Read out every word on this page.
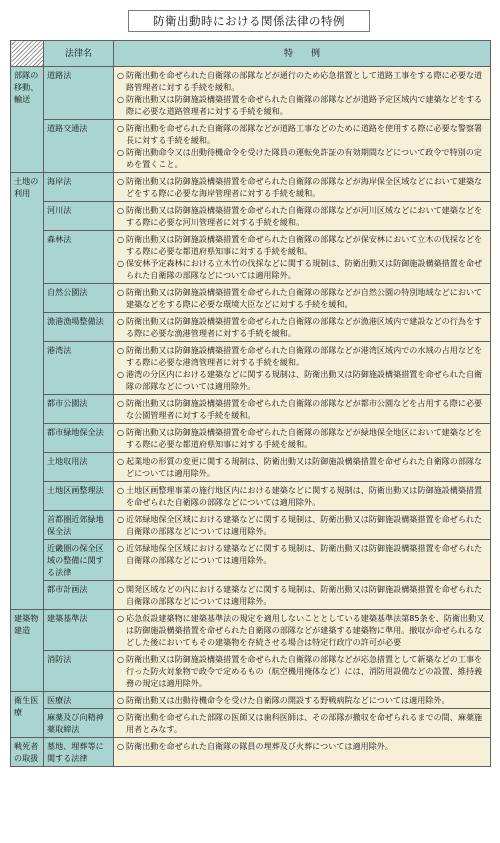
防衛出動時における関係法律の特例
	法律名	特　　例
部隊の移動、輸送	道路法	○ 防衛出動を命ぜられた自衛隊の部隊などが通行のため応急措置として道路工事をする際に必要な道路管理者に対する手続を緩和。
○ 防衛出動又は防御施設構築措置を命ぜられた自衛隊の部隊などが道路予定区域内で建築などをする際に必要な道路管理者に対する手続を緩和。

	道路交通法	○ 防衛出動を命ぜられた自衛隊の部隊などが道路工事などのために道路を使用する際に必要な警察署長に対する手続を緩和。
○ 防衛出動命令又は出動待機命令を受けた隊員の運転免許証の有効期間などについて政令で特別の定めを置くこと。

土地の利用	海岸法	○ 防衛出動又は防御施設構築措置を命ぜられた自衛隊の部隊などが海岸保全区域などにおいて建築などをする際に必要な海岸管理者に対する手続を緩和。

	河川法	○ 防衛出動又は防御施設構築措置を命ぜられた自衛隊の部隊などが河川区域などにおいて建築などをする際に必要な河川管理者に対する手続を緩和。

	森林法	○ 防衛出動又は防御施設構築措置を命ぜられた自衛隊の部隊などが保安林において立木の伐採などをする際に必要な都道府県知事に対する手続を緩和。
○ 保安林予定森林における立木竹の伐採などに関する規制は、防衛出動又は防御施設構築措置を命ぜられた自衛隊の部隊などについては適用除外。

	自然公園法	○ 防衛出動又は防御施設構築措置を命ぜられた自衛隊の部隊などが自然公園の特別地域などにおいて建築などをする際に必要な環境大臣などに対する手続を緩和。

	漁港漁場整備法	○ 防衛出動又は防御施設構築措置を命ぜられた自衛隊の部隊などが漁港区域内で建設などの行為をする際に必要な漁港管理者に対する手続を緩和。

	港湾法	○ 防衛出動又は防御施設構築措置を命ぜられた自衛隊の部隊などが港湾区域内での水域の占用などをする際に必要な港湾管理者に対する手続を緩和。
○ 港湾の分区内における建築などに関する規制は、防衛出動又は防御施設構築措置を命ぜられた自衛隊の部隊などについては適用除外。

	都市公園法	○ 防衛出動又は防御施設構築措置を命ぜられた自衛隊の部隊などが都市公園などを占用する際に必要な公園管理者に対する手続を緩和。

	都市緑地保全法	○ 防衛出動又は防御施設構築措置を命ぜられた自衛隊の部隊などが緑地保全地区において建築などをする際に必要な都道府県知事に対する手続を緩和。

	土地収用法	○ 起業地の形質の変更に関する規制は、防衛出動又は防御施設構築措置を命ぜられた自衛隊の部隊などについては適用除外。

	土地区画整理法	○ 土地区画整理事業の施行地区内における建築などに関する規制は、防衛出動又は防御施設構築措置を命ぜられた自衛隊の部隊などについては適用除外。

	首都圏近郊緑地保全法	○ 近郊緑地保全区域における建築などに関する規制は、防衛出動又は防御施設構築措置を命ぜられた自衛隊の部隊などについては適用除外。

	近畿圏の保全区域の整備に関する法律	○ 近郊緑地保全区域における建築などに関する規制は、防衛出動又は防御施設構築措置を命ぜられた自衛隊の部隊などについては適用除外。

	都市計画法	○ 開発区域などの内における建築などに関する規制は、防衛出動又は防御施設構築措置を命ぜられた自衛隊の部隊などについては適用除外。

建築物建造	建築基準法	○ 応急仮設建築物に建築基準法の規定を適用しないこととしている建築基準法第85条を、防衛出動又は防御施設構築措置を命ぜられた自衛隊の部隊などが建築する建築物に準用。撤収が命ぜられるなどした後においてもその建築物を存続させる場合は特定行政庁の許可が必要

	消防法	○ 防衛出動又は防御施設構築措置を命ぜられた自衛隊の部隊などが応急措置として新築などの工事を行った防火対象物で政令で定めるもの（航空機用掩体など）には、消防用設備などの設置、維持義務の規定は適用除外。

衛生医療	医療法	○ 防衛出動又は出動待機命令を受けた自衛隊の開設する野戦病院などについては適用除外。

	麻薬及び向精神薬取締法	○ 防衛出動を命ぜられた部隊の医師又は歯科医師は、その部隊が撤収を命ぜられるまでの間、麻薬施用者とみなす。

戦死者の取扱	墓地、埋葬等に関する法律	○ 防衛出動を命ぜられた自衛隊の隊員の埋葬及び火葬については適用除外。
